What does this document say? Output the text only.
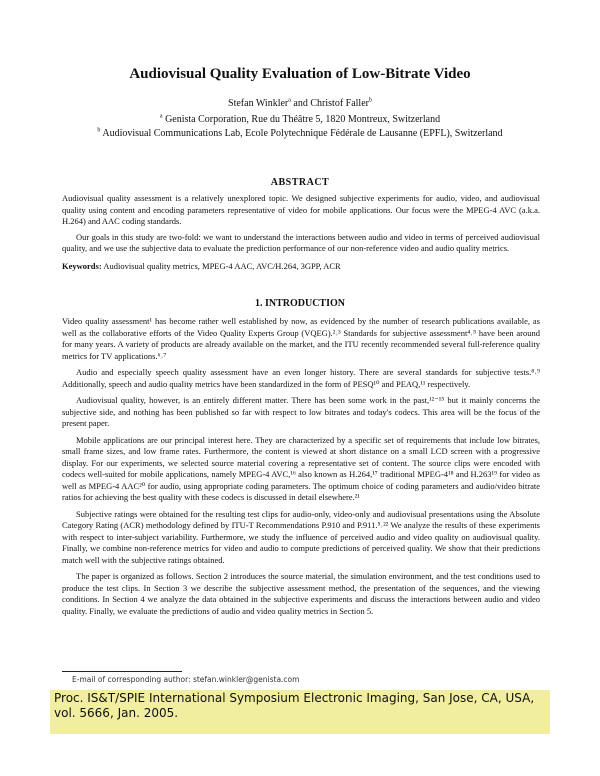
Audiovisual Quality Evaluation of Low-Bitrate Video
Stefan Winkler$^a$ and Christof Faller$^b$
$^a$ Genista Corporation, Rue du Théâtre 5, 1820 Montreux, Switzerland
$^b$ Audiovisual Communications Lab, Ecole Polytechnique Fédérale de Lausanne (EPFL), Switzerland
ABSTRACT

Audiovisual quality assessment is a relatively unexplored topic. We designed subjective experiments for audio, video, and audiovisual quality using content and encoding parameters representative of video for mobile applications. Our focus were the MPEG-4 AVC (a.k.a. H.264) and AAC coding standards.

Our goals in this study are two-fold: we want to understand the interactions between audio and video in terms of perceived audiovisual quality, and we use the subjective data to evaluate the prediction performance of our non-reference video and audio quality metrics.

Keywords: Audiovisual quality metrics, MPEG-4 AAC, AVC/H.264, 3GPP, ACR

1. INTRODUCTION

Video quality assessment¹ has become rather well established by now, as evidenced by the number of research publications available, as well as the collaborative efforts of the Video Quality Experts Group (VQEG).²˒³ Standards for subjective assessment⁴˒⁵ have been around for many years. A variety of products are already available on the market, and the ITU recently recommended several full-reference quality metrics for TV applications.⁶˒⁷

Audio and especially speech quality assessment have an even longer history. There are several standards for subjective tests.⁸˒⁹ Additionally, speech and audio quality metrics have been standardized in the form of PESQ¹⁰ and PEAQ,¹¹ respectively.

Audiovisual quality, however, is an entirely different matter. There has been some work in the past,¹²⁻¹⁵ but it mainly concerns the subjective side, and nothing has been published so far with respect to low bitrates and today's codecs. This area will be the focus of the present paper.

Mobile applications are our principal interest here. They are characterized by a specific set of requirements that include low bitrates, small frame sizes, and low frame rates. Furthermore, the content is viewed at short distance on a small LCD screen with a progressive display. For our experiments, we selected source material covering a representative set of content. The source clips were encoded with codecs well-suited for mobile applications, namely MPEG-4 AVC,¹⁶ also known as H.264,¹⁷ traditional MPEG-4¹⁸ and H.263¹⁹ for video as well as MPEG-4 AAC²⁰ for audio, using appropriate coding parameters. The optimum choice of coding parameters and audio/video bitrate ratios for achieving the best quality with these codecs is discussed in detail elsewhere.²¹

Subjective ratings were obtained for the resulting test clips for audio-only, video-only and audiovisual presentations using the Absolute Category Rating (ACR) methodology defined by ITU-T Recommendations P.910 and P.911.⁵˒²² We analyze the results of these experiments with respect to inter-subject variability. Furthermore, we study the influence of perceived audio and video quality on audiovisual quality. Finally, we combine non-reference metrics for video and audio to compute predictions of perceived quality. We show that their predictions match well with the subjective ratings obtained.

The paper is organized as follows. Section 2 introduces the source material, the simulation environment, and the test conditions used to produce the test clips. In Section 3 we describe the subjective assessment method, the presentation of the sequences, and the viewing conditions. In Section 4 we analyze the data obtained in the subjective experiments and discuss the interactions between audio and video quality. Finally, we evaluate the predictions of audio and video quality metrics in Section 5.

E-mail of corresponding author: stefan.winkler@genista.com
Proc. IS&T/SPIE International Symposium Electronic Imaging, San Jose, CA, USA, vol. 5666, Jan. 2005.
